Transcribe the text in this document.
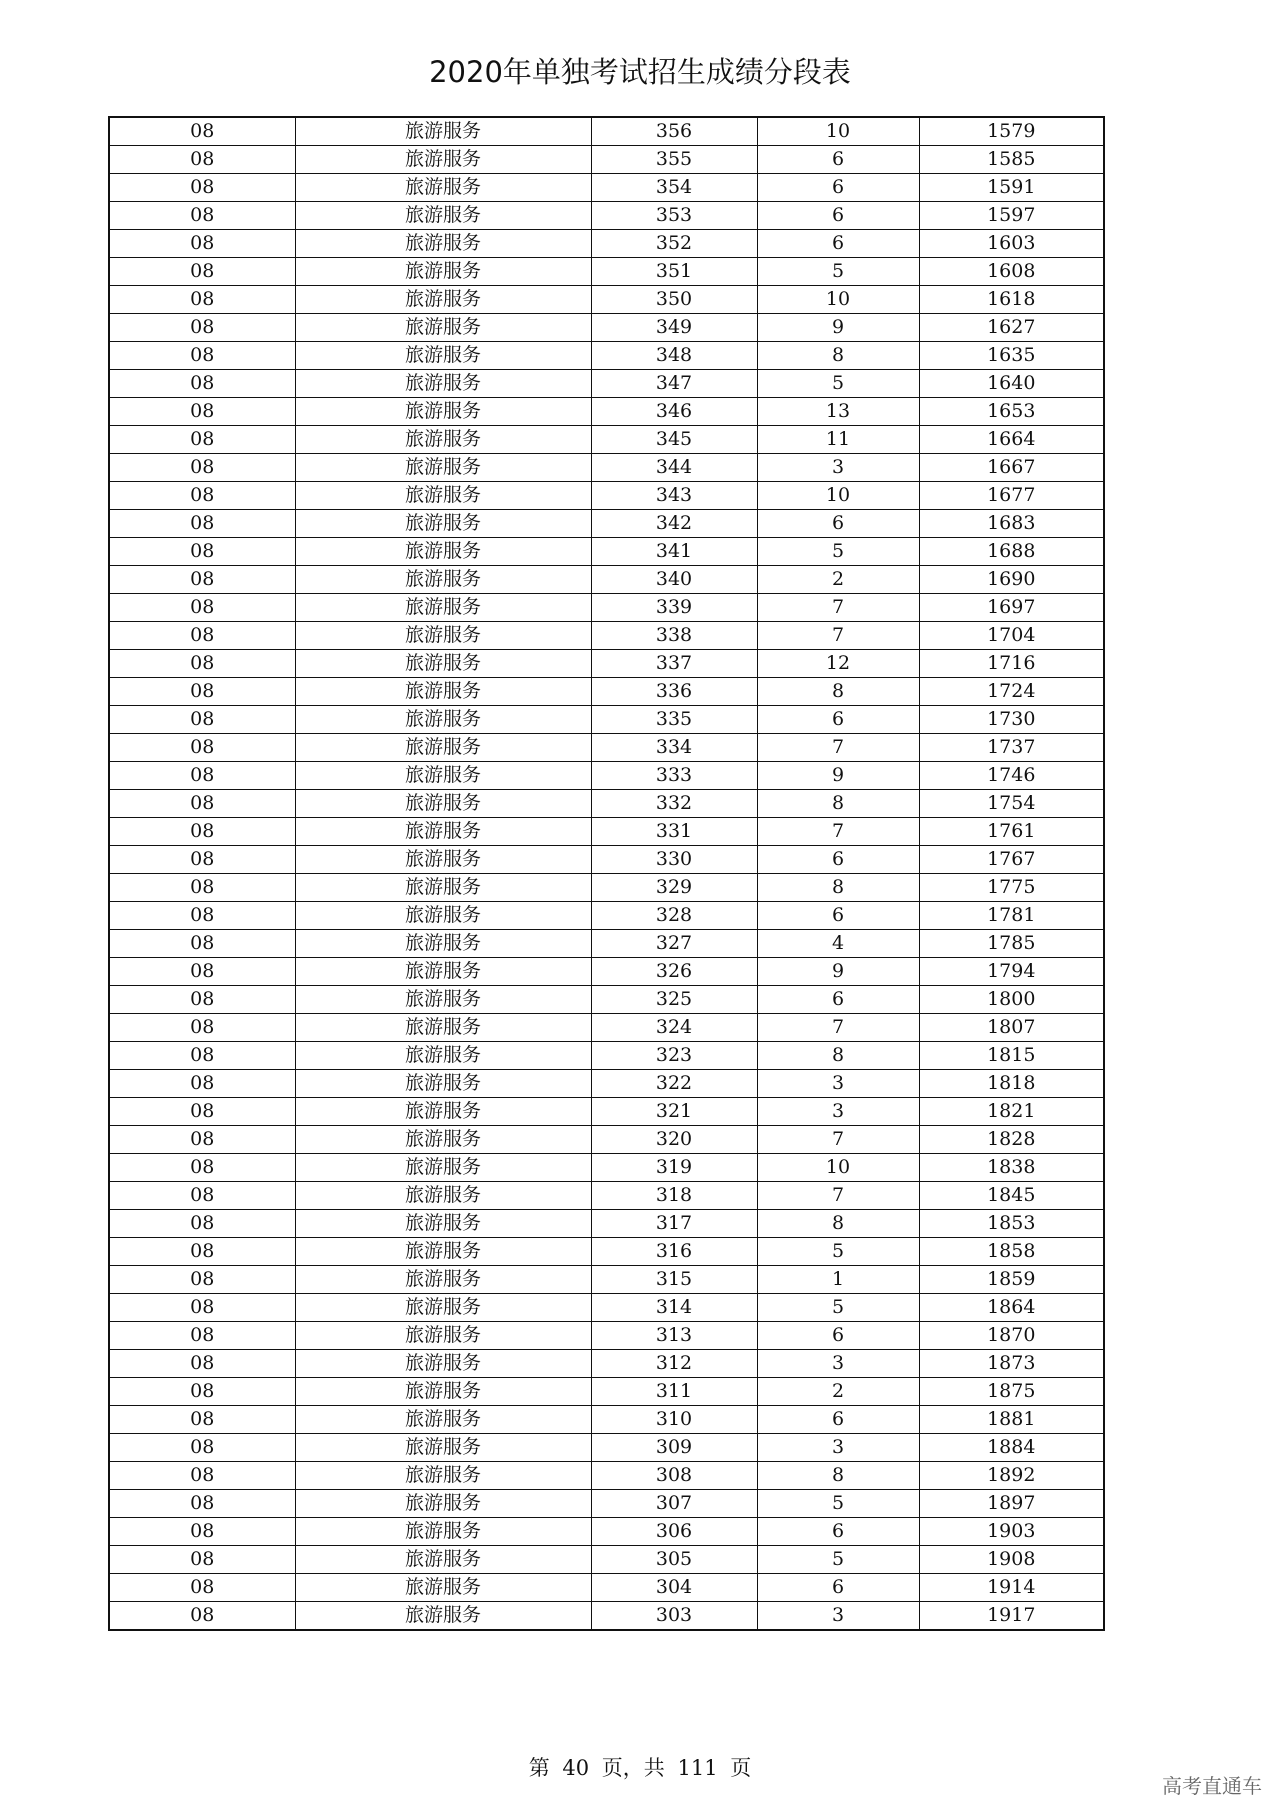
2020年单独考试招生成绩分段表
08	旅游服务	356	10	1579
08	旅游服务	355	6	1585
08	旅游服务	354	6	1591
08	旅游服务	353	6	1597
08	旅游服务	352	6	1603
08	旅游服务	351	5	1608
08	旅游服务	350	10	1618
08	旅游服务	349	9	1627
08	旅游服务	348	8	1635
08	旅游服务	347	5	1640
08	旅游服务	346	13	1653
08	旅游服务	345	11	1664
08	旅游服务	344	3	1667
08	旅游服务	343	10	1677
08	旅游服务	342	6	1683
08	旅游服务	341	5	1688
08	旅游服务	340	2	1690
08	旅游服务	339	7	1697
08	旅游服务	338	7	1704
08	旅游服务	337	12	1716
08	旅游服务	336	8	1724
08	旅游服务	335	6	1730
08	旅游服务	334	7	1737
08	旅游服务	333	9	1746
08	旅游服务	332	8	1754
08	旅游服务	331	7	1761
08	旅游服务	330	6	1767
08	旅游服务	329	8	1775
08	旅游服务	328	6	1781
08	旅游服务	327	4	1785
08	旅游服务	326	9	1794
08	旅游服务	325	6	1800
08	旅游服务	324	7	1807
08	旅游服务	323	8	1815
08	旅游服务	322	3	1818
08	旅游服务	321	3	1821
08	旅游服务	320	7	1828
08	旅游服务	319	10	1838
08	旅游服务	318	7	1845
08	旅游服务	317	8	1853
08	旅游服务	316	5	1858
08	旅游服务	315	1	1859
08	旅游服务	314	5	1864
08	旅游服务	313	6	1870
08	旅游服务	312	3	1873
08	旅游服务	311	2	1875
08	旅游服务	310	6	1881
08	旅游服务	309	3	1884
08	旅游服务	308	8	1892
08	旅游服务	307	5	1897
08	旅游服务	306	6	1903
08	旅游服务	305	5	1908
08	旅游服务	304	6	1914
08	旅游服务	303	3	1917
第 40 页，共 111 页
高考直通车
